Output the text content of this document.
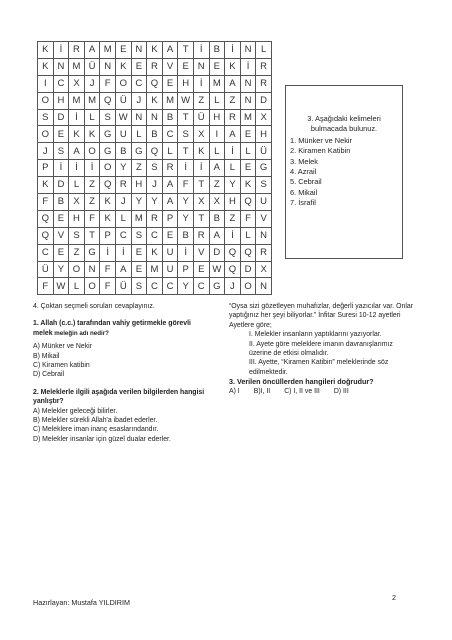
K	İ	R	A	M	E	N	K	A	T	İ	B	İ	N	L
K	N	M	Ü	N	K	E	R	V	E	N	E	K	İ	R
I	C	X	J	F	O	C	Q	E	H	İ	M	A	N	R
O	H	M	M	Q	Ü	J	K	M	W	Z	L	Z	N	D
S	D	İ	L	S	W	N	N	B	T	Ü	H	R	M	X
O	E	K	K	G	U	L	B	C	S	X	I	A	E	H
J	S	A	O	G	B	G	Q	L	T	K	L	İ	L	Ü
P	İ	İ	İ	O	Y	Z	S	R	İ	İ	A	L	E	G
K	D	L	Z	Q	R	H	J	A	F	T	Z	Y	K	S
F	B	X	Z	K	J	Y	Y	A	Y	X	X	H	Q	U
Q	E	H	F	K	L	M	R	P	Y	T	B	Z	F	V
Q	V	S	T	P	C	S	C	E	B	R	A	İ	L	N
C	E	Z	G	İ	İ	E	K	U	İ	V	D	Q	Q	R
Ü	Y	O	N	F	A	E	M	U	P	E	W	Q	D	X
F	W	L	O	F	Ü	S	C	C	Y	C	G	J	O	N
3. Aşağıdaki kelimeleri bulmacada bulunuz.
1. Münker ve Nekir
2. Kiramen Katibin
3. Melek
4. Azrail
5. Cebrail
6. Mikail
7. İsrafil

4. Çoktan seçmeli soruları cevaplayınız.

1. Allah (c.c.) tarafından vahiy getirmekle görevli melek meleğin adı nedir?

A) Münker ve Nekir

B) Mikail

C) Kiramen katibin

D) Cebrail

2. Meleklerle ilgili aşağıda verilen bilgilerden hangisi yanlıştır?

A) Melekler geleceği bilirler.

B) Melekler sürekli Allah'a ibadet ederler.

C) Meleklere iman inanç esaslarındandır.

D) Melekler insanlar için güzel dualar ederler.

“Oysa sizi gözetleyen muhafızlar, değerli yazıcılar var. Onlar yaptığınız her şeyi biliyorlar.” İnfitar Suresi 10-12 ayetleri

Ayetlere göre;

I. Melekler insanların yaptıklarını yazıyorlar.

II. Ayete göre meleklere imanın davranışlarımız üzerine de etkisi olmalıdır.

III. Ayette, “Kiramen Katibin” meleklerinde söz edilmektedir.

3. Verilen öncüllerden hangileri doğrudur?

A) I B)I, II C) I, II ve III D) III
2
Hazırlayan: Mustafa YILDIRIM
